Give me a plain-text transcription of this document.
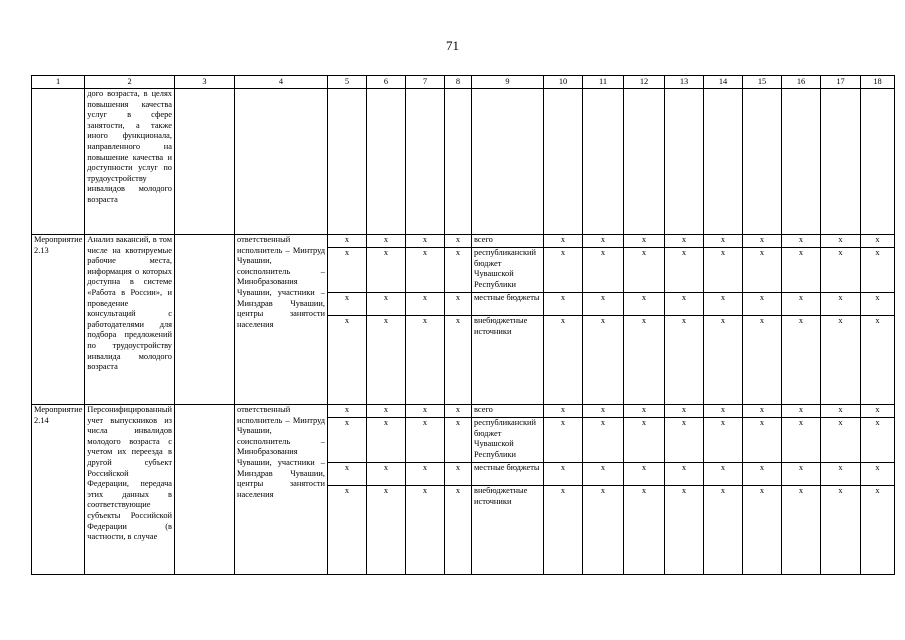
71
1	2	3	4	5	6	7	8	9	10	11	12	13	14	15	16	17	18
	дого возраста, в целях повышения качества услуг в сфере занятости, а также иного функционала, направленного на повышение качества и доступности услуг по трудоустройству инвалидов молодого возраста																
Мероприятие 2.13	Анализ вакансий, в том числе на квотируемые рабочие места, информация о которых доступна в системе «Работа в России», и проведение консультаций с работодателями для подбора предложений по трудоустройству инвалида молодого возраста		ответственный исполнитель – Минтруд Чувашии, соисполнитель – Минобразования Чувашии, участники – Минздрав Чувашии, центры занятости населения	x	x	x	x	всего	x	x	x	x	x	x	x	x	x
				x	x	x	x	республиканский бюджет Чувашской Республики	x	x	x	x	x	x	x	x	x
				x	x	x	x	местные бюджеты	x	x	x	x	x	x	x	x	x
				x	x	x	x	внебюджетные источники	x	x	x	x	x	x	x	x	x
Мероприятие 2.14	Персонифицированный учет выпускников из числа инвалидов молодого возраста с учетом их переезда в другой субъект Российской Федерации, передача этих данных в соответствующие субъекты Российской Федерации (в частности, в случае		ответственный исполнитель – Минтруд Чувашии, соисполнитель – Минобразования Чувашии, участники – Минздрав Чувашии, центры занятости населения	x	x	x	x	всего	x	x	x	x	x	x	x	x	x
				x	x	x	x	республиканский бюджет Чувашской Республики	x	x	x	x	x	x	x	x	x
				x	x	x	x	местные бюджеты	x	x	x	x	x	x	x	x	x
				x	x	x	x	внебюджетные источники	x	x	x	x	x	x	x	x	x
